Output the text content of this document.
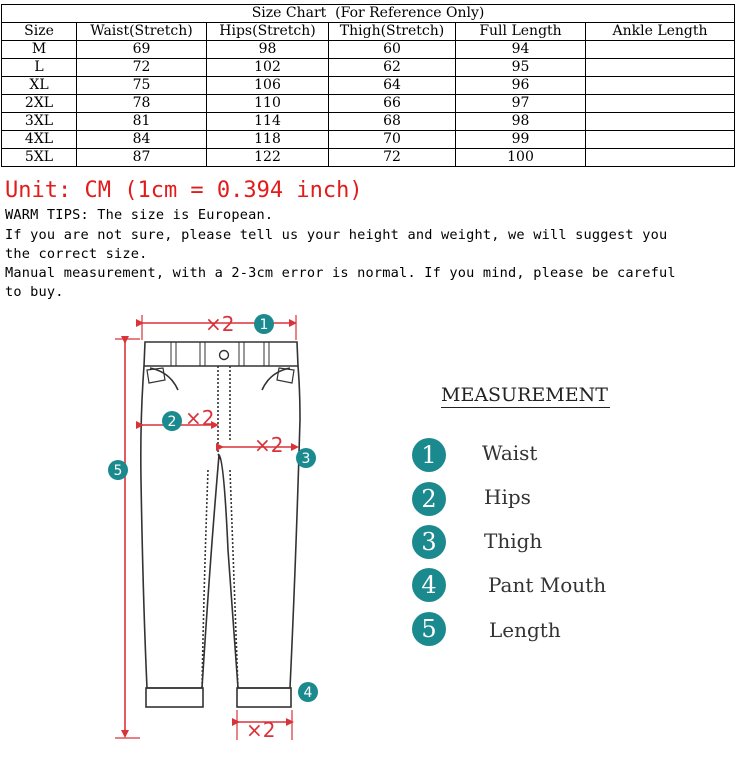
Size Chart  (For Reference Only)					
Size	Waist(Stretch)	Hips(Stretch)	Thigh(Stretch)	Full Length	Ankle Length
M	69	98	60	94	
L	72	102	62	95	
XL	75	106	64	96	
2XL	78	110	66	97	
3XL	81	114	68	98	
4XL	84	118	70	99	
5XL	87	122	72	100	
Unit: CM (1cm = 0.394 inch)
WARM TIPS: The size is European.
If you are not sure, please tell us your height and weight, we will suggest you
the correct size.
Manual measurement, with a 2-3cm error is normal. If you mind, please be careful
to buy.
×2
×2
×2
×2
1
2
3
4
5
MEASUREMENT
1	Waist
2	Hips
3	Thigh
4	Pant Mouth
5	Length
